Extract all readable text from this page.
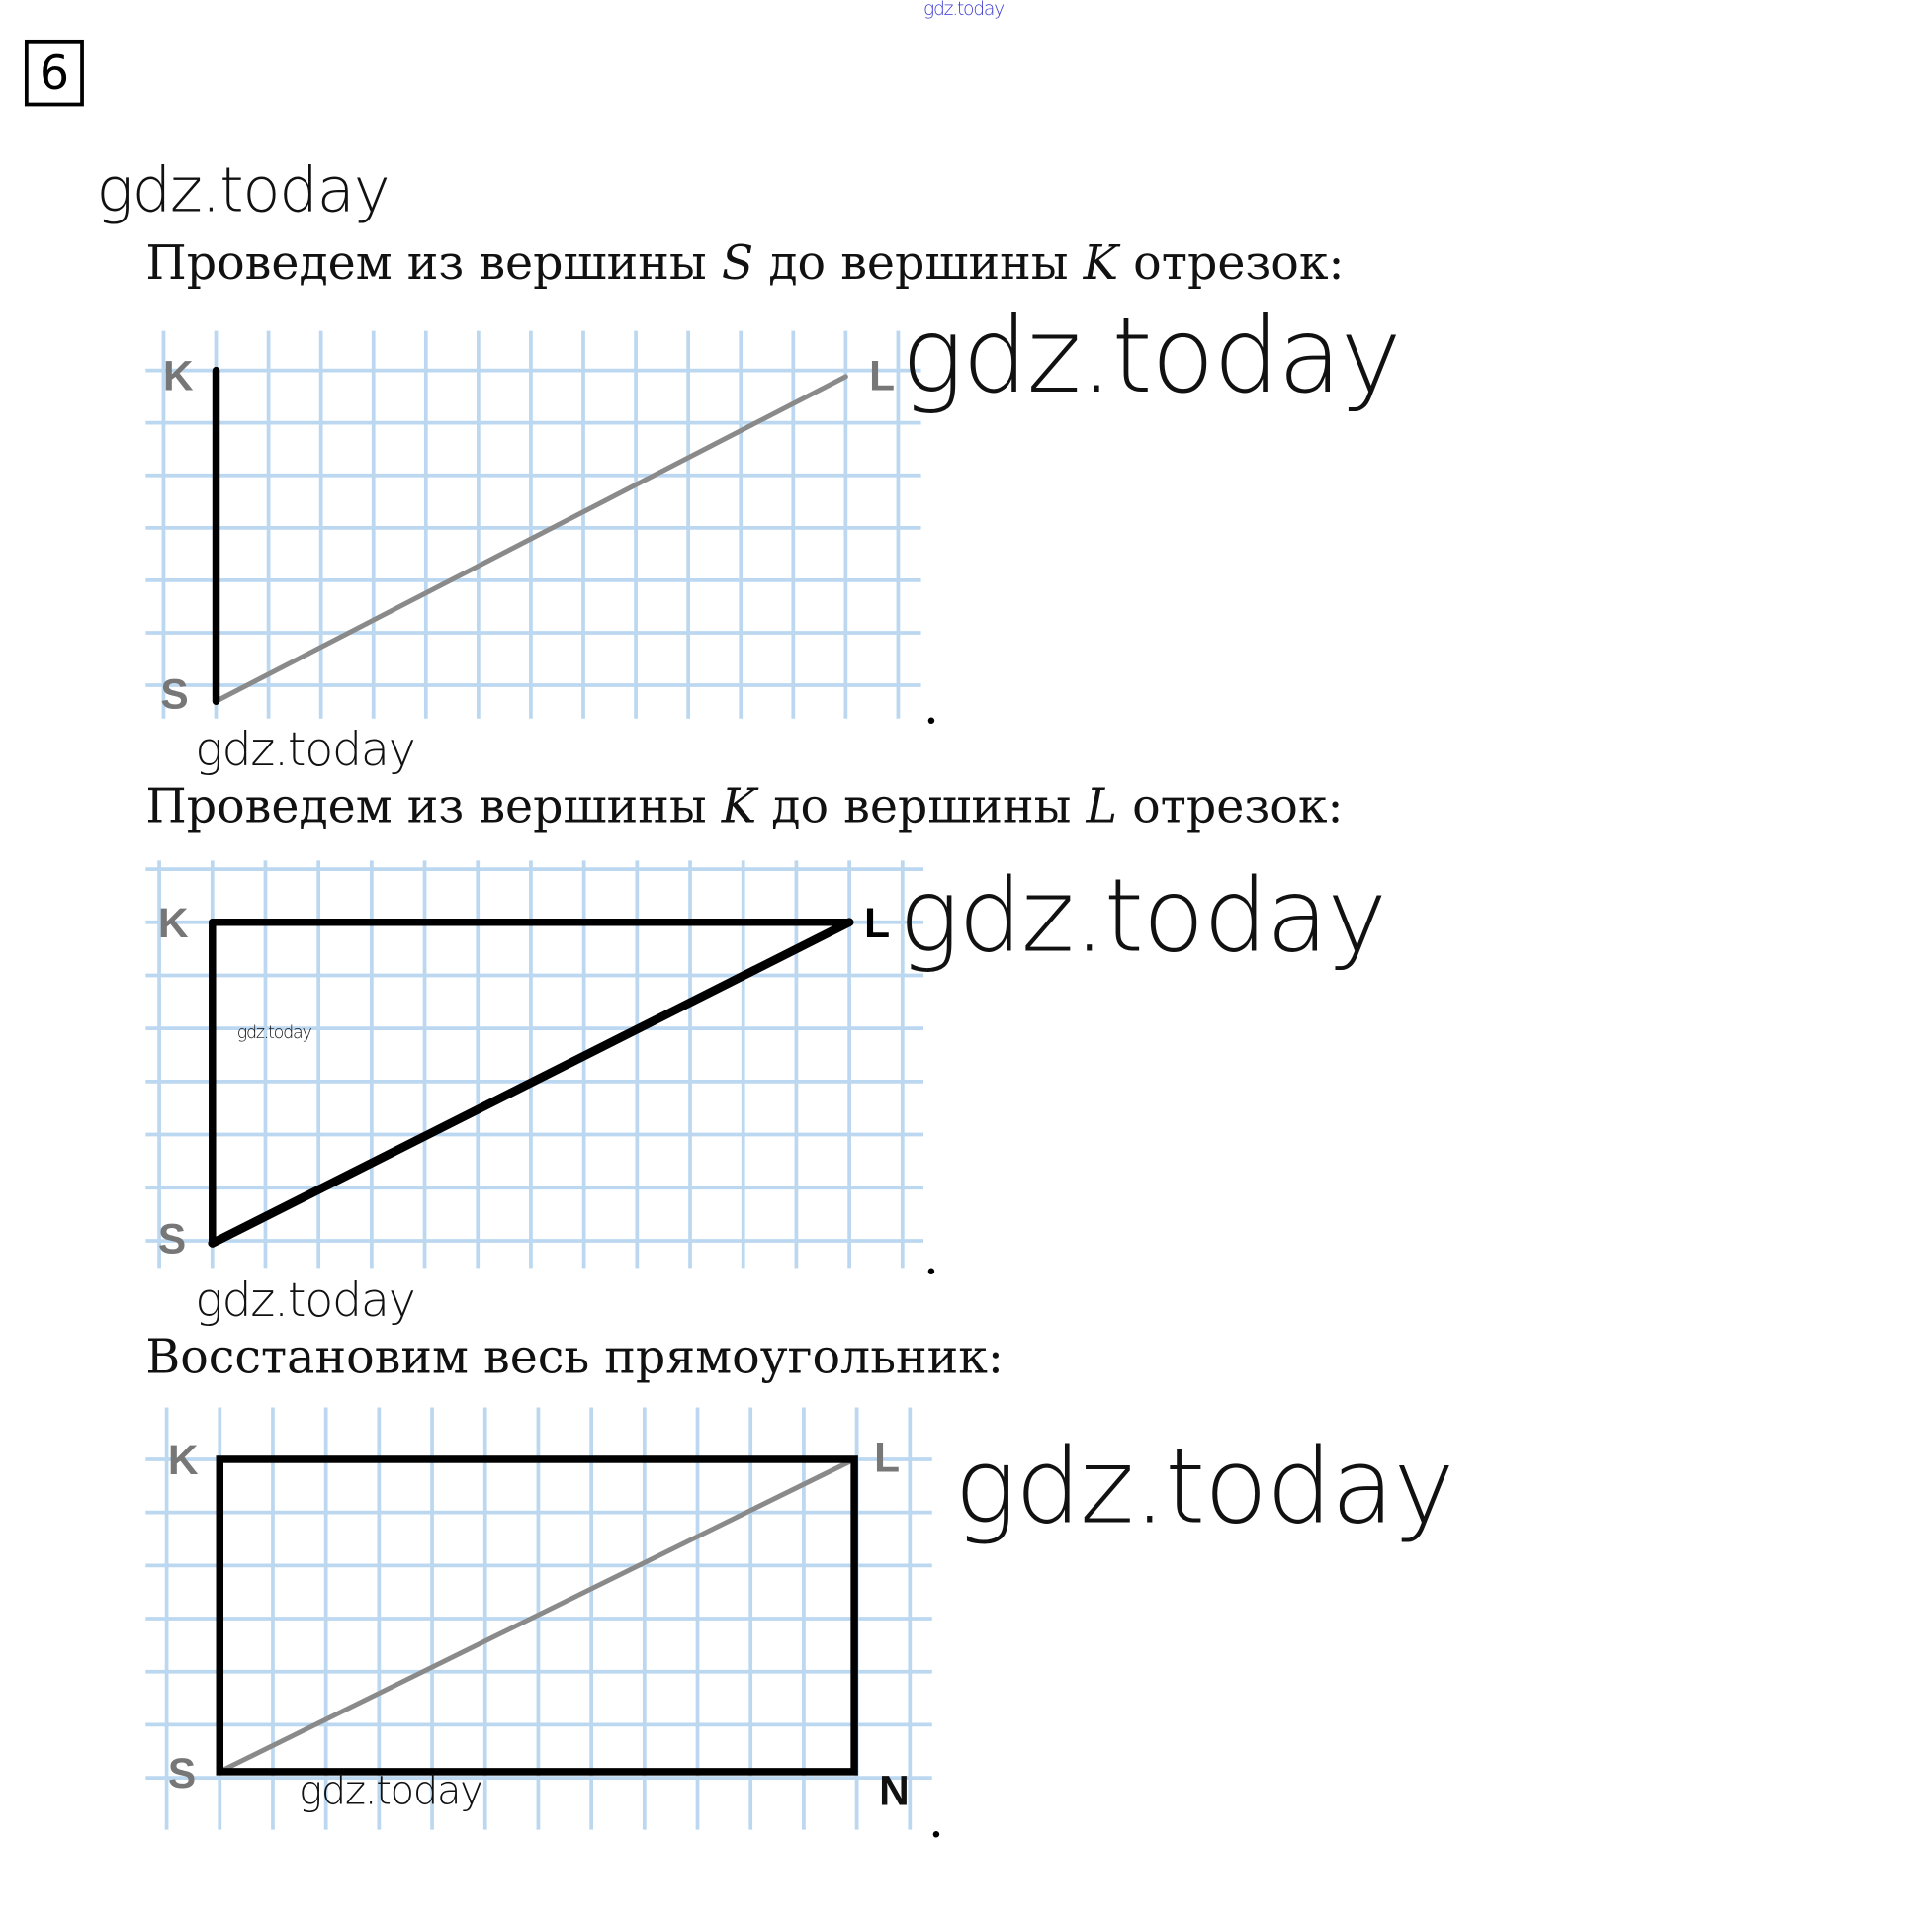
gdz.today
6
gdz.today
Проведем из вершины S до вершины K отрезок:
K	L
S	.
gdz.today
gdz.today
Проведем из вершины K до вершины L отрезок:
K	L
S	.
gdz.today
gdz.today
gdz.today
Восстановим весь прямоугольник:
K	L
S	N
.
gdz.today
gdz.today
